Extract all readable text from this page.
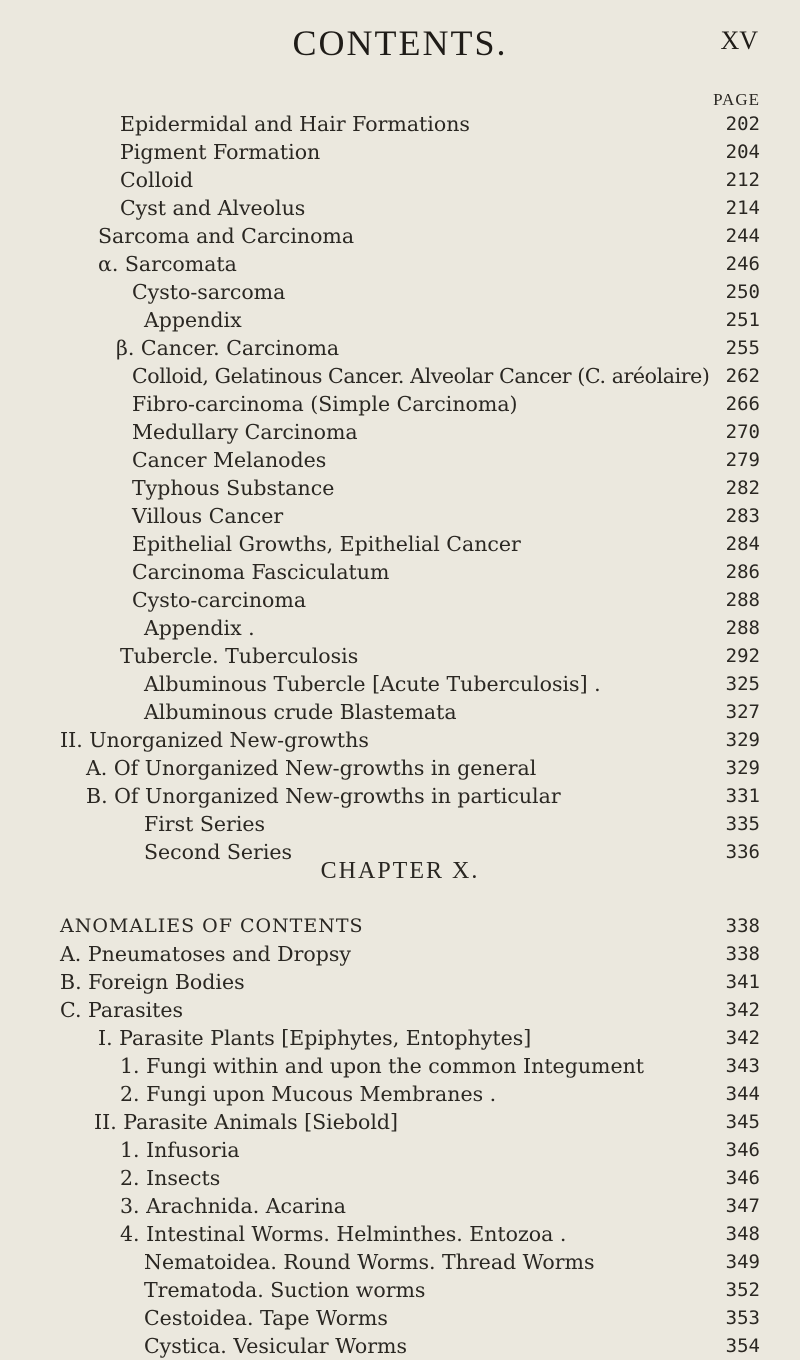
CONTENTS.	XV
PAGE
Epidermidal and Hair Formations	202
Pigment Formation	204
Colloid	212
Cyst and Alveolus	214
Sarcoma and Carcinoma	244
α. Sarcomata	246
Cysto-sarcoma	250
Appendix	251
β. Cancer. Carcinoma	255
Colloid, Gelatinous Cancer. Alveolar Cancer (C. aréolaire) 262
Fibro-carcinoma (Simple Carcinoma)	266
Medullary Carcinoma	270
Cancer Melanodes	279
Typhous Substance	282
Villous Cancer	283
Epithelial Growths, Epithelial Cancer	284
Carcinoma Fasciculatum	286
Cysto-carcinoma	288
Appendix .	288
Tubercle. Tuberculosis	292
Albuminous Tubercle [Acute Tuberculosis] .	325
Albuminous crude Blastemata	327
II. Unorganized New-growths	329
A. Of Unorganized New-growths in general	329
B. Of Unorganized New-growths in particular	331
First Series	335
Second Series	336
CHAPTER X.
ANOMALIES OF CONTENTS	338
A. Pneumatoses and Dropsy	338
B. Foreign Bodies	341
C. Parasites	342
I. Parasite Plants [Epiphytes, Entophytes]	342
1. Fungi within and upon the common Integument	343
2. Fungi upon Mucous Membranes .	344
II. Parasite Animals [Siebold]	345
1. Infusoria	346
2. Insects	346
3. Arachnida. Acarina	347
4. Intestinal Worms. Helminthes. Entozoa .	348
Nematoidea. Round Worms. Thread Worms	349
Trematoda. Suction worms	352
Cestoidea. Tape Worms	353
Cystica. Vesicular Worms	354
